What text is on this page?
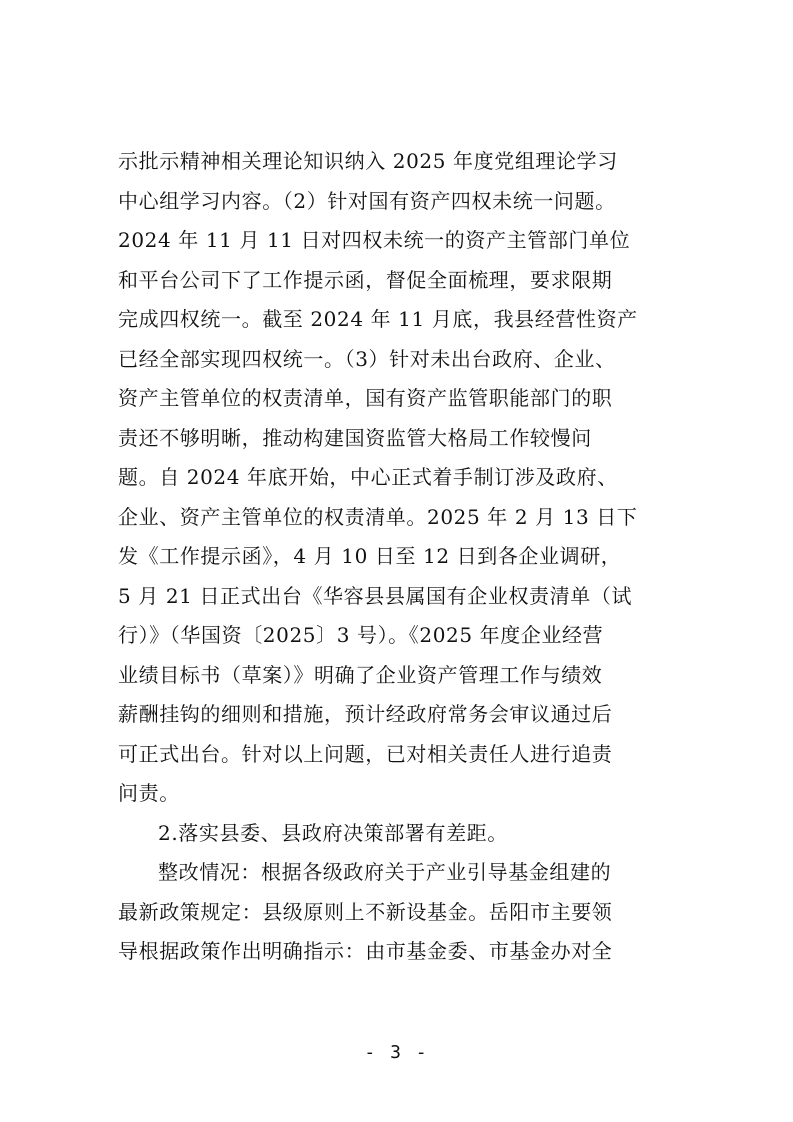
示批示精神相关理论知识纳入 2025 年度党组理论学习
中心组学习内容。（2）针对国有资产四权未统一问题。
2024 年 11 月 11 日对四权未统一的资产主管部门单位
和平台公司下了工作提示函，督促全面梳理，要求限期
完成四权统一。截至 2024 年 11 月底，我县经营性资产
已经全部实现四权统一。（3）针对未出台政府、企业、
资产主管单位的权责清单，国有资产监管职能部门的职
责还不够明晰，推动构建国资监管大格局工作较慢问
题。自 2024 年底开始，中心正式着手制订涉及政府、
企业、资产主管单位的权责清单。2025 年 2 月 13 日下
发《工作提示函》，4 月 10 日至 12 日到各企业调研，
5 月 21 日正式出台《华容县县属国有企业权责清单（试
行）》（华国资〔2025〕3 号）。《2025 年度企业经营
业绩目标书（草案）》明确了企业资产管理工作与绩效
薪酬挂钩的细则和措施，预计经政府常务会审议通过后
可正式出台。针对以上问题，已对相关责任人进行追责
问责。
2.落实县委、县政府决策部署有差距。
整改情况：根据各级政府关于产业引导基金组建的
最新政策规定：县级原则上不新设基金。岳阳市主要领
导根据政策作出明确指示：由市基金委、市基金办对全
- 3 -
